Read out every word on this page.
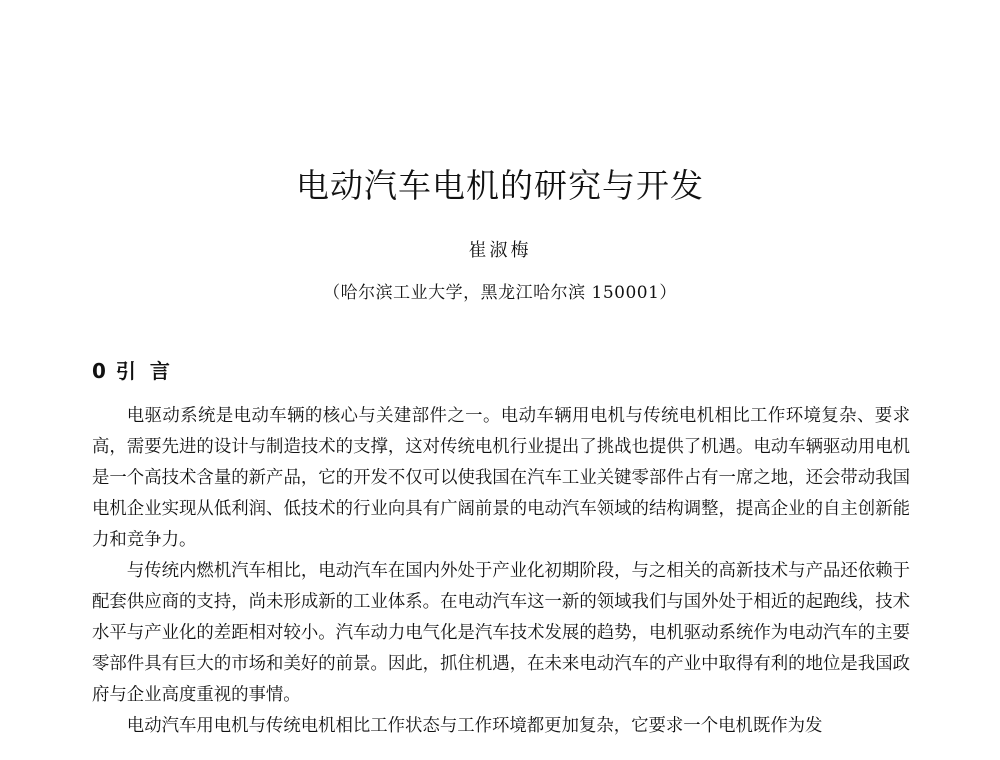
电动汽车电机的研究与开发
崔淑梅
（哈尔滨工业大学，黑龙江哈尔滨 150001）
0 引言

电驱动系统是电动车辆的核心与关建部件之一。电动车辆用电机与传统电机相比工作环境复杂、要求高，需要先进的设计与制造技术的支撑，这对传统电机行业提出了挑战也提供了机遇。电动车辆驱动用电机是一个高技术含量的新产品，它的开发不仅可以使我国在汽车工业关键零部件占有一席之地，还会带动我国电机企业实现从低利润、低技术的行业向具有广阔前景的电动汽车领域的结构调整，提高企业的自主创新能力和竞争力。

与传统内燃机汽车相比，电动汽车在国内外处于产业化初期阶段，与之相关的高新技术与产品还依赖于配套供应商的支持，尚未形成新的工业体系。在电动汽车这一新的领域我们与国外处于相近的起跑线，技术水平与产业化的差距相对较小。汽车动力电气化是汽车技术发展的趋势，电机驱动系统作为电动汽车的主要零部件具有巨大的市场和美好的前景。因此，抓住机遇，在未来电动汽车的产业中取得有利的地位是我国政府与企业高度重视的事情。

电动汽车用电机与传统电机相比工作状态与工作环境都更加复杂，它要求一个电机既作为发
